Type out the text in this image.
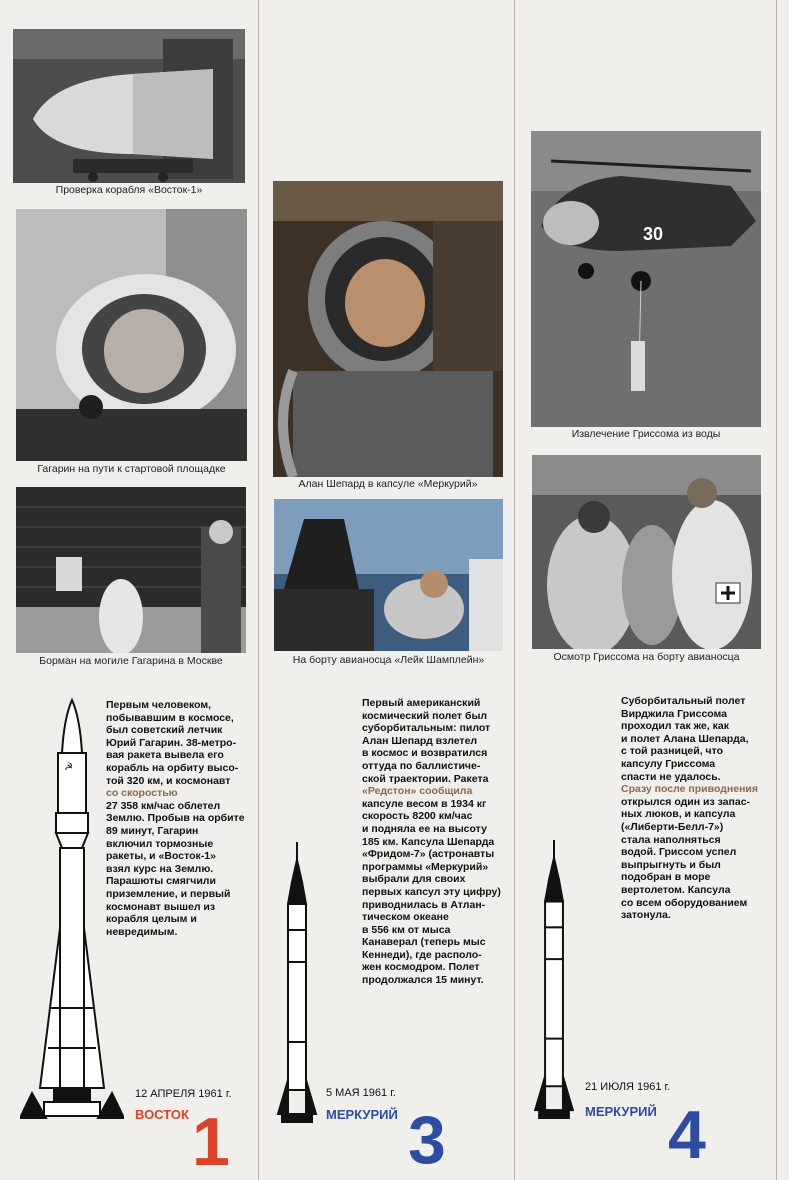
Проверка корабля «Восток-1»
Гагарин на пути к стартовой площадке
Борман на могиле Гагарина в Москве
Первым человеком,
побывавшим в космосе,
был советский летчик
Юрий Гагарин. 38-метро-
вая ракета вывела его
корабль на орбиту высо-
той 320 км, и космонавт
со скоростью
27 358 км/час облетел
Землю. Пробыв на орбите
89 минут, Гагарин
включил тормозные
ракеты, и «Восток-1»
взял курс на Землю.
Парашюты смягчили
приземление, и первый
космонавт вышел из
корабля целым и
невредимым.
☭
12 АПРЕЛЯ 1961 г.
ВОСТОК 1
Алан Шепард в капсуле «Меркурий»
На борту авианосца «Лейк Шамплейн»
Первый американский
космический полет был
суборбитальным: пилот
Алан Шепард взлетел
в космос и возвратился
оттуда по баллистиче-
ской траектории. Ракета
«Редстон» сообщила
капсуле весом в 1934 кг
скорость 8200 км/час
и подняла ее на высоту
185 км. Капсула Шепарда
«Фридом-7» (астронавты
программы «Меркурий»
выбрали для своих
первых капсул эту цифру)
приводнилась в Атлан-
тическом океане
в 556 км от мыса
Канаверал (теперь мыс
Кеннеди), где располо-
жен космодром. Полет
продолжался 15 минут.
5 МАЯ 1961 г.
МЕРКУРИЙ 3
30
Извлечение Гриссома из воды
Осмотр Гриссома на борту авианосца
Суборбитальный полет
Вирджила Гриссома
проходил так же, как
и полет Алана Шепарда,
с той разницей, что
капсулу Гриссома
спасти не удалось.
Сразу после приводнения
открылся один из запас-
ных люков, и капсула
(«Либерти-Белл-7»)
стала наполняться
водой. Гриссом успел
выпрыгнуть и был
подобран в море
вертолетом. Капсула
со всем оборудованием
затонула.
21 ИЮЛЯ 1961 г.
МЕРКУРИЙ 4
